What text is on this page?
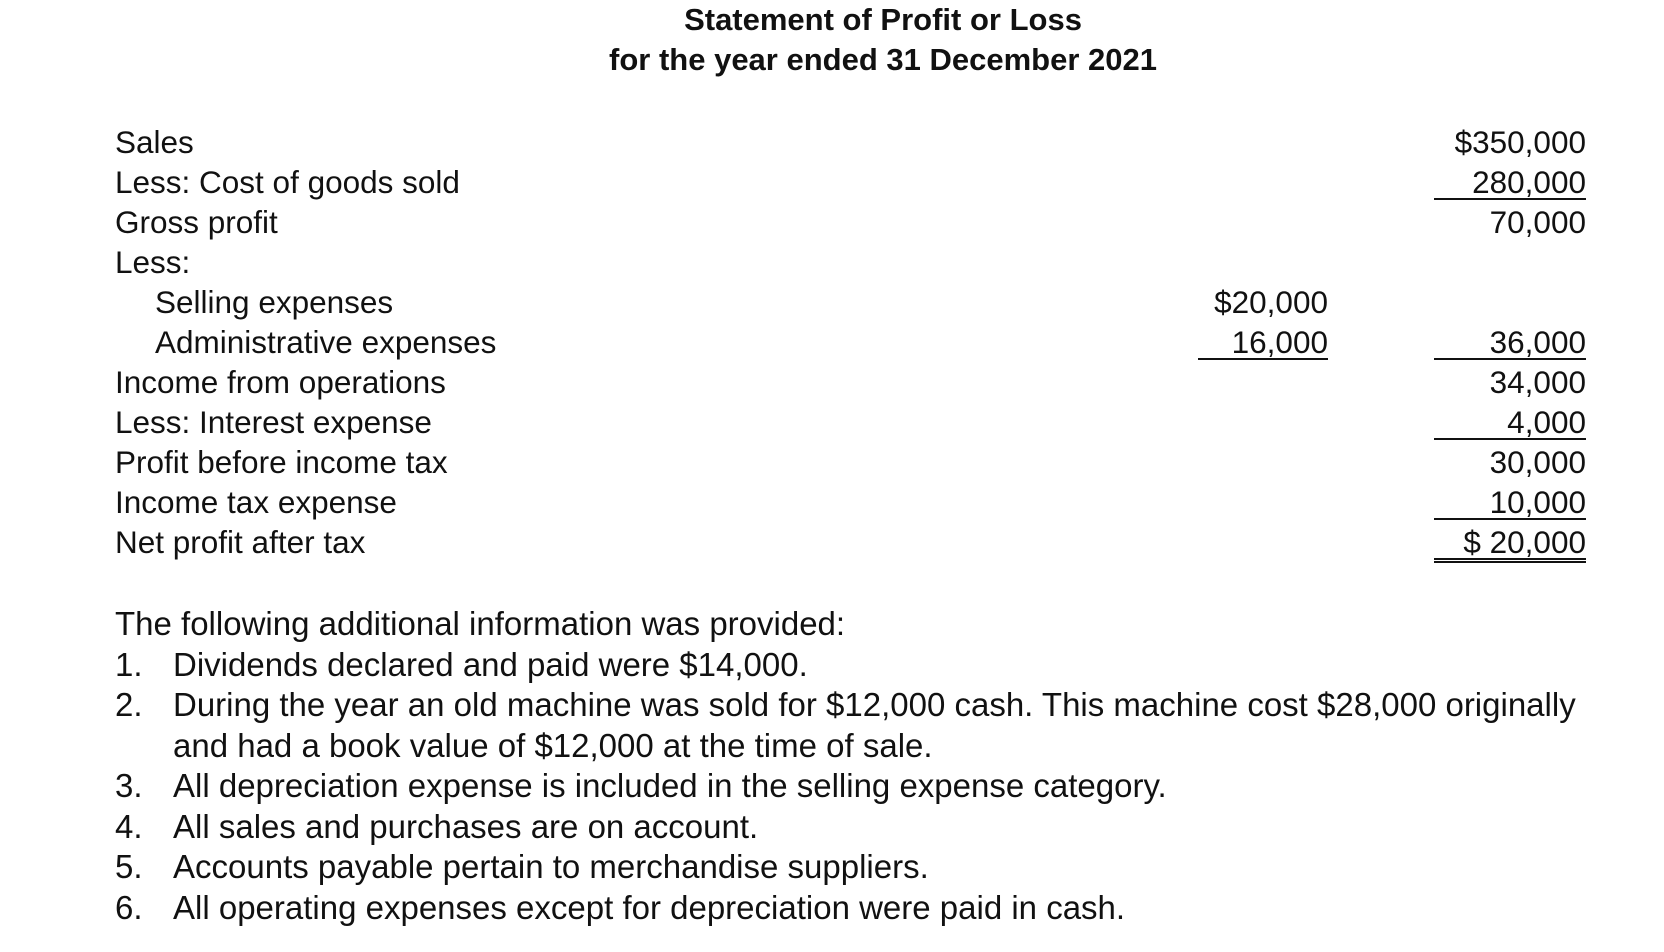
Statement of Profit or Loss
for the year ended 31 December 2021
Sales	$350,000
Less: Cost of goods sold	280,000
Gross profit	70,000
Less:
Selling expenses	$20,000
Administrative expenses	16,000	36,000
Income from operations	34,000
Less: Interest expense	4,000
Profit before income tax	30,000
Income tax expense	10,000
Net profit after tax	$ 20,000
The following additional information was provided:
1. Dividends declared and paid were $14,000.
2. During the year an old machine was sold for $12,000 cash. This machine cost $28,000 originally
and had a book value of $12,000 at the time of sale.
3. All depreciation expense is included in the selling expense category.
4. All sales and purchases are on account.
5. Accounts payable pertain to merchandise suppliers.
6. All operating expenses except for depreciation were paid in cash.
